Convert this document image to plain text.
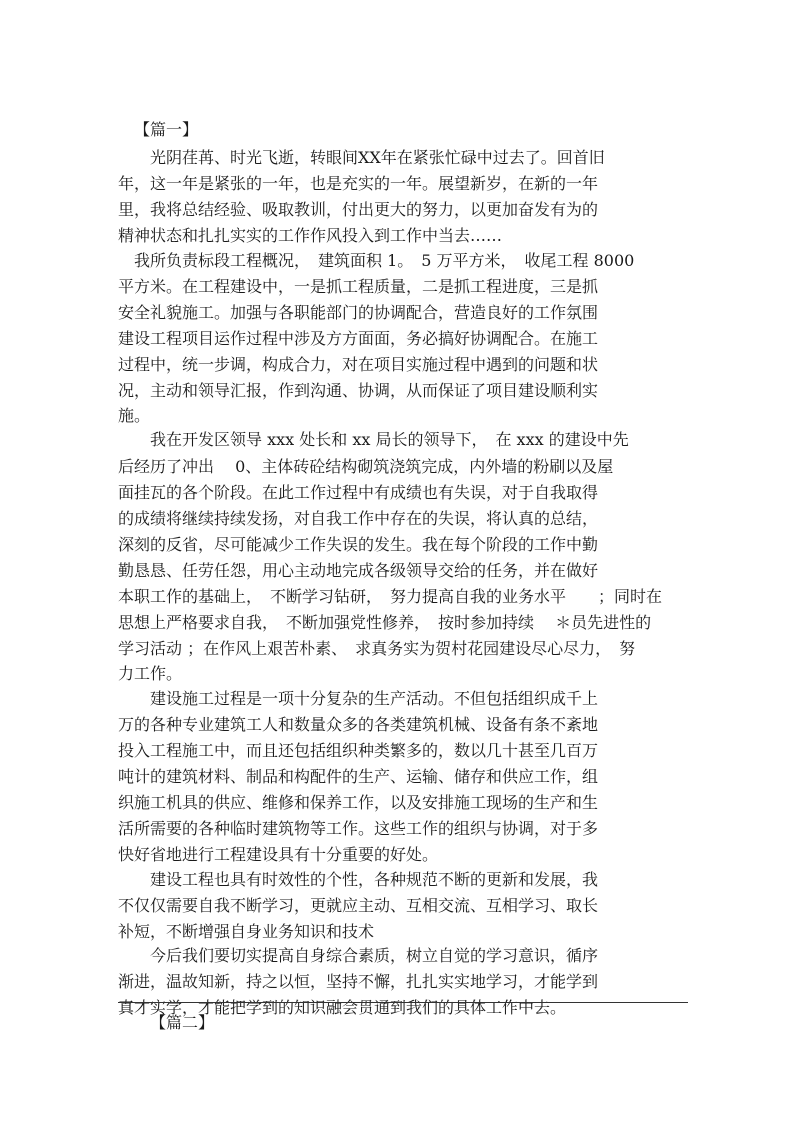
【篇一】
光阴荏苒、时光飞逝，转眼间XX年在紧张忙碌中过去了。回首旧
年，这一年是紧张的一年，也是充实的一年。展望新岁，在新的一年
里，我将总结经验、吸取教训，付出更大的努力，以更加奋发有为的
精神状态和扎扎实实的工作作风投入到工作中当去……
我所负责标段工程概况，　建筑面积 1。　5 万平方米，　收尾工程 8000
平方米。在工程建设中，一是抓工程质量，二是抓工程进度，三是抓
安全礼貌施工。加强与各职能部门的协调配合，营造良好的工作氛围
建设工程项目运作过程中涉及方方面面，务必搞好协调配合。在施工
过程中，统一步调，构成合力，对在项目实施过程中遇到的问题和状
况，主动和领导汇报，作到沟通、协调，从而保证了项目建设顺利实
施。
我在开发区领导 xxx 处长和 xx 局长的领导下，　在 xxx 的建设中先
后经历了冲出　 0、主体砖砼结构砌筑浇筑完成，内外墙的粉刷以及屋
面挂瓦的各个阶段。在此工作过程中有成绩也有失误，对于自我取得
的成绩将继续持续发扬，对自我工作中存在的失误，将认真的总结，
深刻的反省，尽可能减少工作失误的发生。我在每个阶段的工作中勤
勤恳恳、任劳任怨，用心主动地完成各级领导交给的任务，并在做好
本职工作的基础上，　不断学习钻研，　努力提高自我的业务水平　　；同时在
思想上严格要求自我，　不断加强党性修养，　按时参加持续　 ＊员先进性的
学习活动 ；在作风上艰苦朴素、　求真务实为贺村花园建设尽心尽力，　努
力工作。
建设施工过程是一项十分复杂的生产活动。不但包括组织成千上
万的各种专业建筑工人和数量众多的各类建筑机械、设备有条不紊地
投入工程施工中，而且还包括组织种类繁多的，数以几十甚至几百万
吨计的建筑材料、制品和构配件的生产、运输、储存和供应工作，组
织施工机具的供应、维修和保养工作，以及安排施工现场的生产和生
活所需要的各种临时建筑物等工作。这些工作的组织与协调，对于多
快好省地进行工程建设具有十分重要的好处。
建设工程也具有时效性的个性，各种规范不断的更新和发展，我
不仅仅需要自我不断学习，更就应主动、互相交流、互相学习、取长
补短，不断增强自身业务知识和技术
今后我们要切实提高自身综合素质，树立自觉的学习意识，循序
渐进，温故知新，持之以恒，坚持不懈，扎扎实实地学习，才能学到
真才实学，才能把学到的知识融会贯通到我们的具体工作中去。
【篇二】
